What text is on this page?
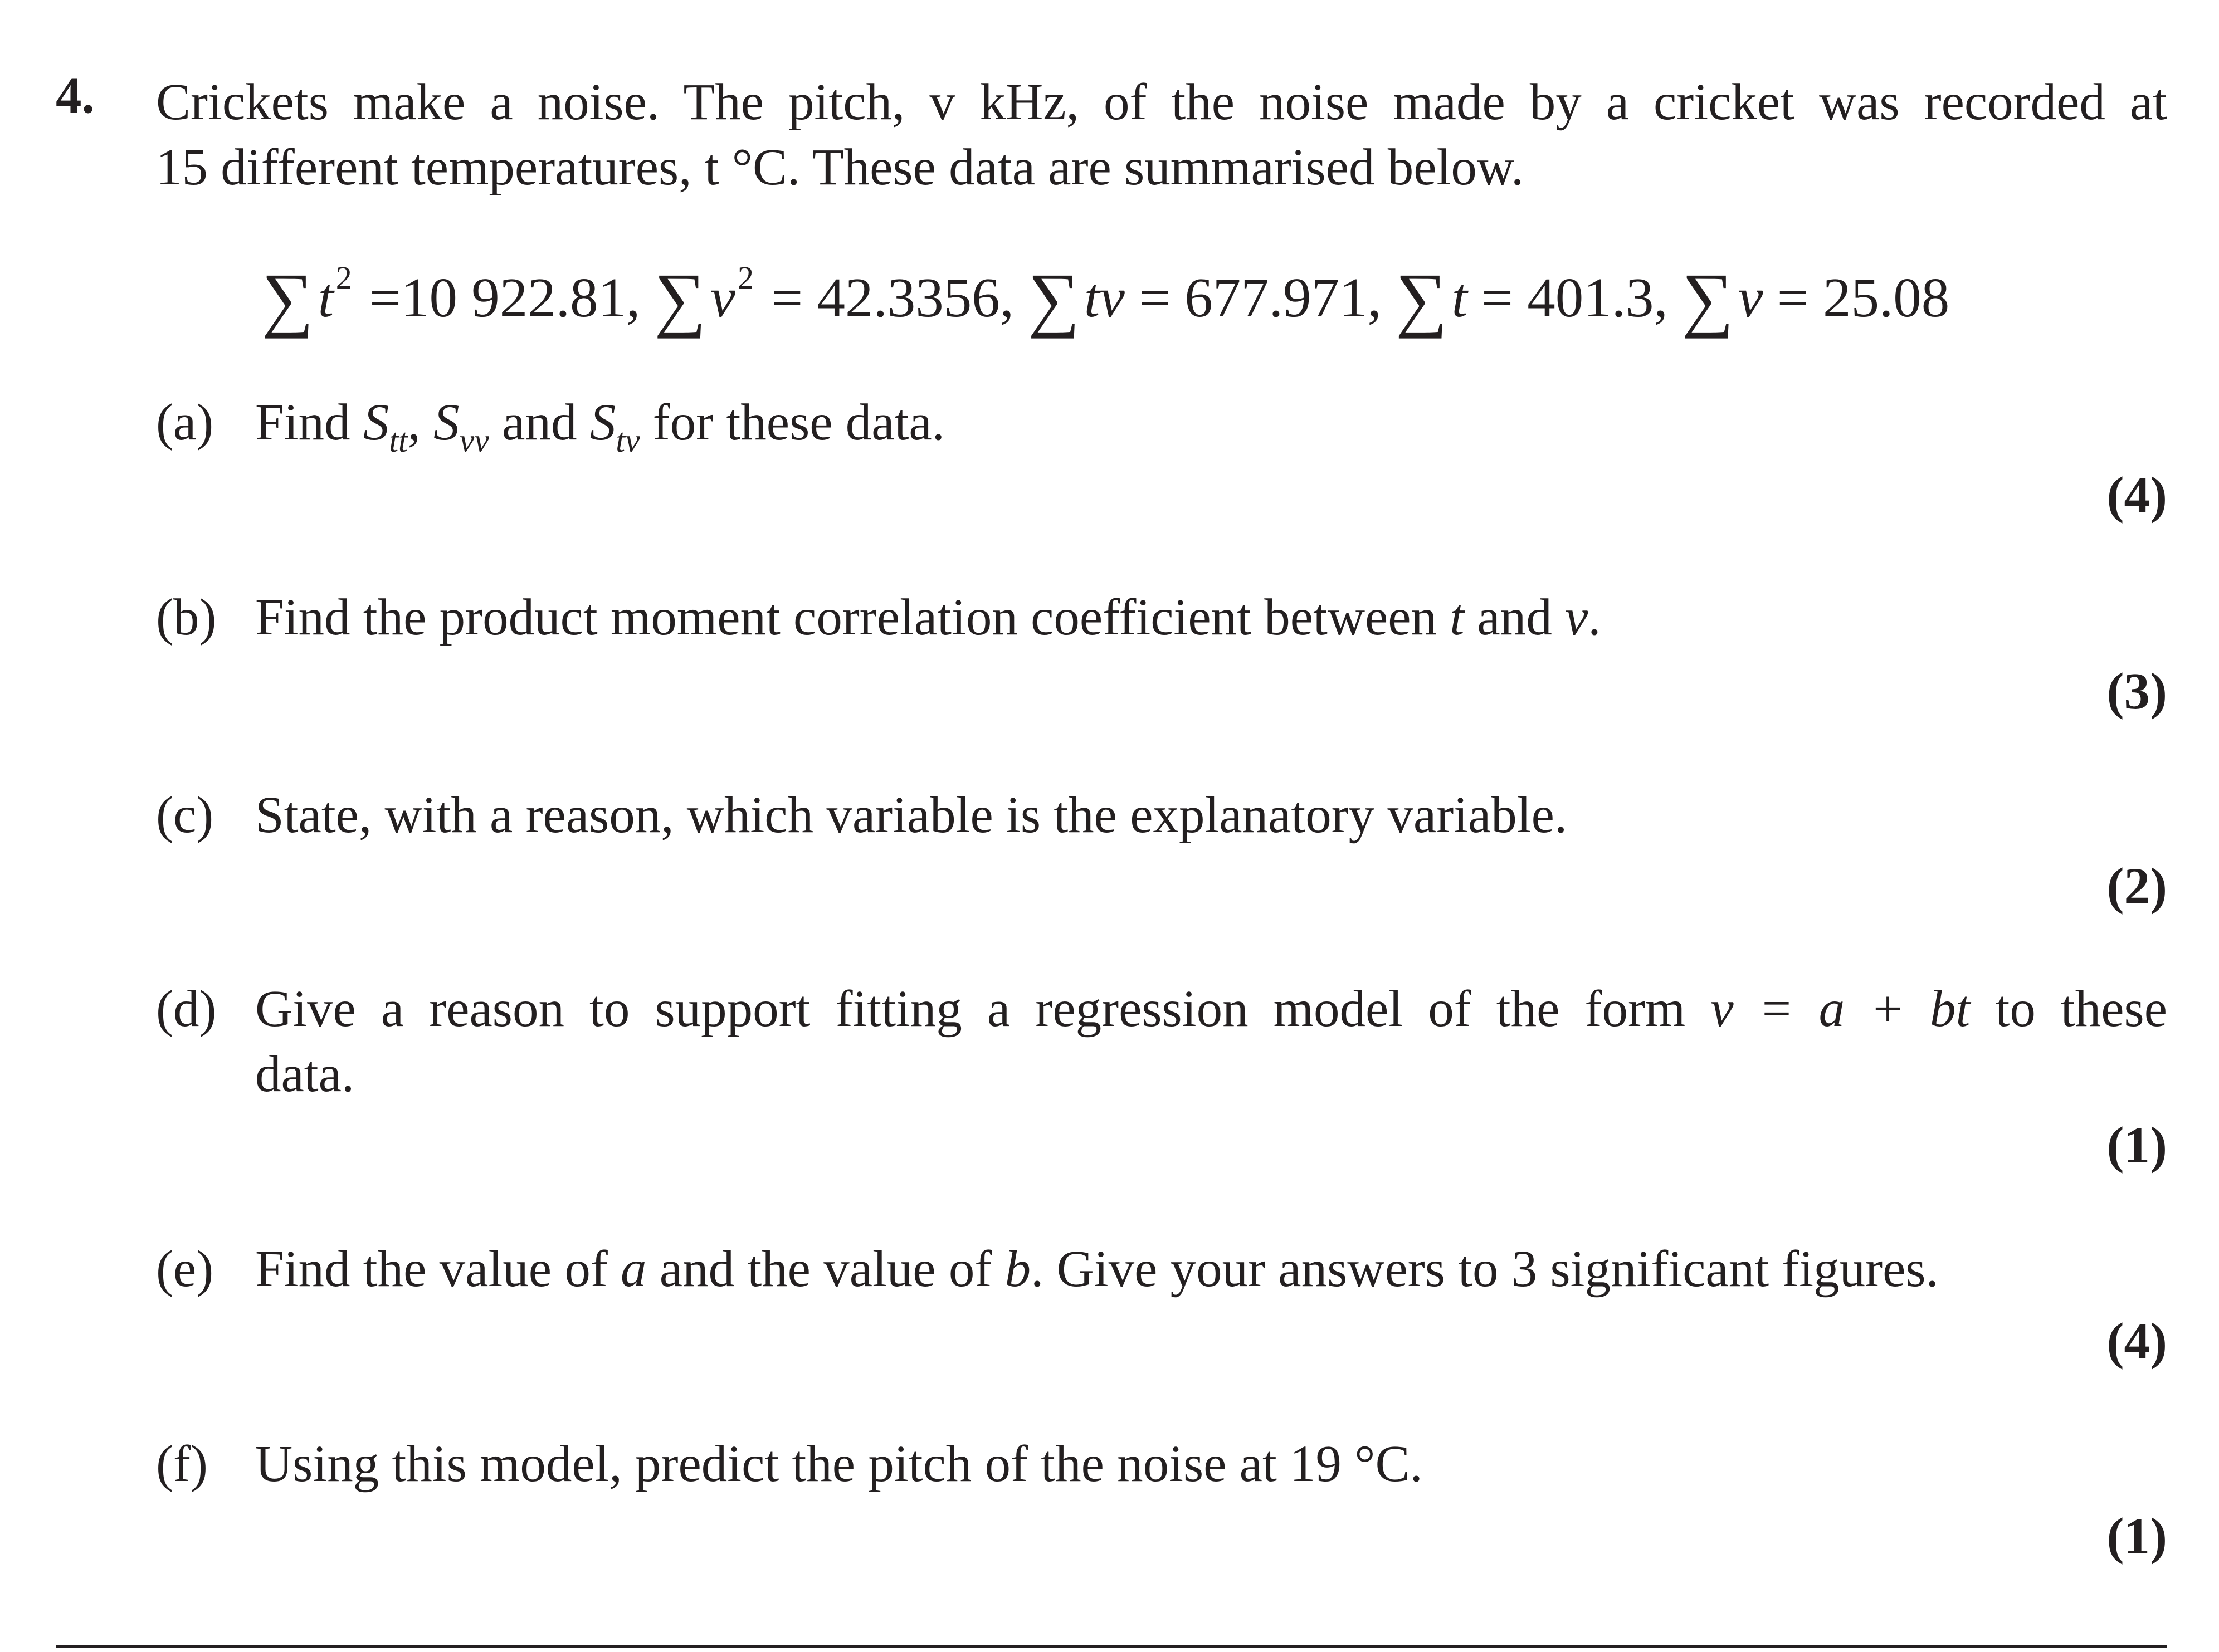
4. Crickets make a noise. The pitch, v kHz, of the noise made by a cricket was recorded at
15 different temperatures, t °C. These data are summarised below.
$\sum t^2 =10$ 922.81, $\sum v^2 = 42.3356$, ∑tv = 677.971, ∑t = 401.3, ∑v = 25.08
(a) Find $S_{tt}$, $S_{vv}$ and $S_{tv}$ for these data.
(4)
(b) Find the product moment correlation coefficient between t and v.
(3)
(c) State, with a reason, which variable is the explanatory variable.
(2)
(d) Give a reason to support fitting a regression model of the form v = a + bt to these
data.
(1)
(e) Find the value of a and the value of b. Give your answers to 3 significant figures.
(4)
(f) Using this model, predict the pitch of the noise at 19 °C.
(1)
